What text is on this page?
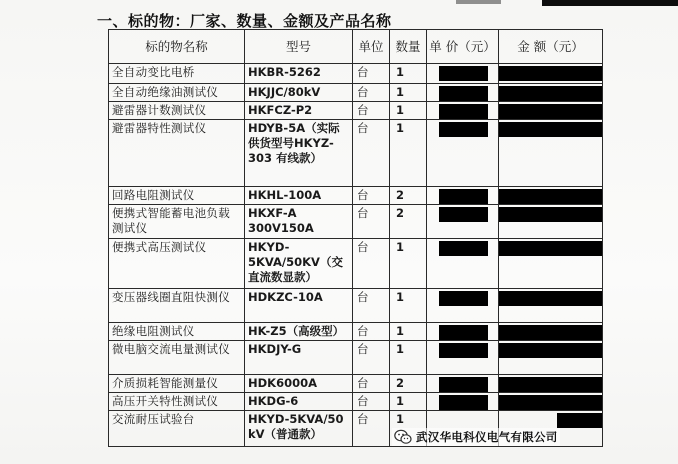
一、标的物：厂家、数量、金额及产品名称
标的物名称	型号	单位	数量	单 价（元）	金 额（元）
全自动变比电桥	HKBR-5262	台	1	

全自动绝缘油测试仪	HKJJC/80kV	台	1	

避雷器计数测试仪	HKFCZ-P2	台	1	

避雷器特性测试仪	HDYB-5A（实际供货型号HKYZ-303 有线款）	台	1	

回路电阻测试仪	HKHL-100A	台	2	

便携式智能蓄电池负载测试仪	HKXF-A 300V150A	台	2	

便携式高压测试仪	HKYD-5KVA/50KV（交直流数显款）	台	1	

变压器线圈直阻快测仪	HDKZC-10A	台	1	

绝缘电阻测试仪	HK-Z5（高级型）	台	1	

微电脑交流电量测试仪	HKDJY-G	台	1	

介质损耗智能测量仪	HDK6000A	台	2	

高压开关特性测试仪	HKDG-6	台	1	

交流耐压试验台	HKYD-5KVA/50 kV（普通款）	台	1		
武汉华电科仪电气有限公司
